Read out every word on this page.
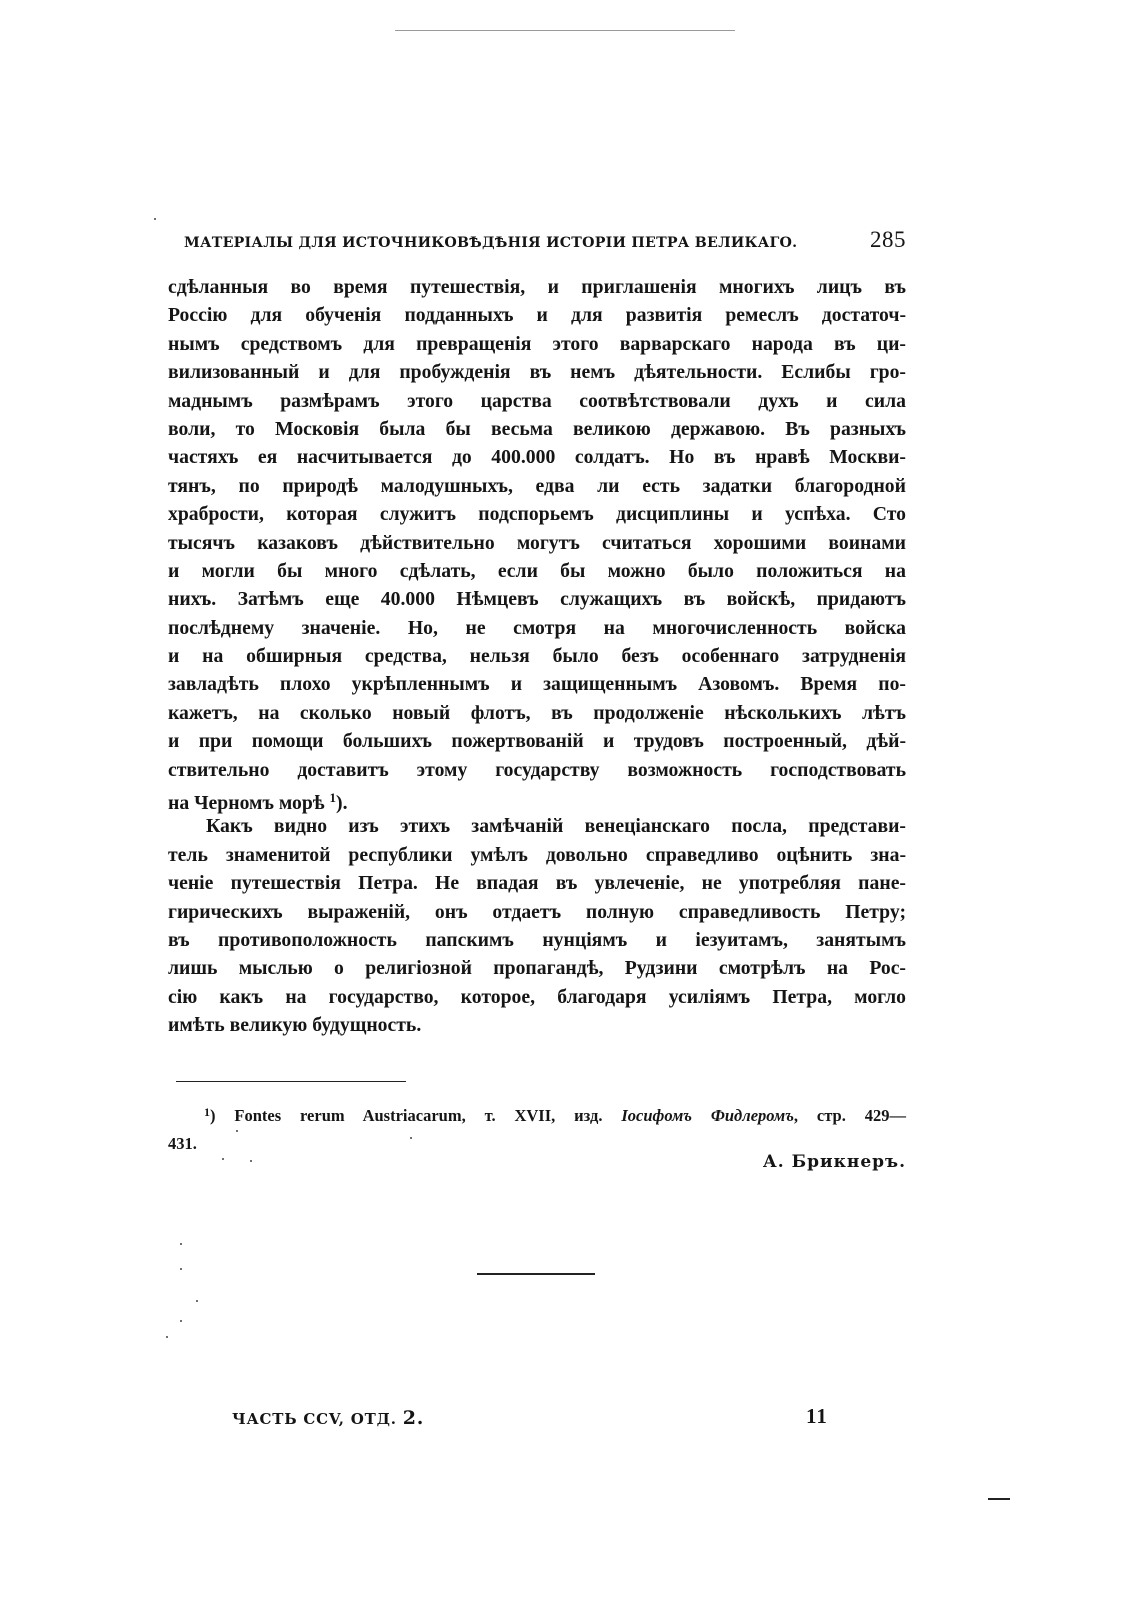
МАТЕРІАЛЫ ДЛЯ ИСТОЧНИКОВѢДѢНІЯ ИСТОРІИ ПЕТРА ВЕЛИКАГО.	285
сдѣланныя во время путешествія, и приглашенія многихъ лицъ въ
Россію для обученія подданныхъ и для развитія ремеслъ достаточ-
нымъ средствомъ для превращенія этого варварскаго народа въ ци-
вилизованный и для пробужденія въ немъ дѣятельности. Еслибы гро-
маднымъ размѣрамъ этого царства соотвѣтствовали духъ и сила
воли, то Московія была бы весьма великою державою. Въ разныхъ
частяхъ ея насчитывается до 400.000 солдатъ. Но въ нравѣ Москви-
тянъ, по природѣ малодушныхъ, едва ли есть задатки благородной
храбрости, которая служитъ подспорьемъ дисциплины и успѣха. Сто
тысячъ казаковъ дѣйствительно могутъ считаться хорошими воинами
и могли бы много сдѣлать, если бы можно было положиться на
нихъ. Затѣмъ еще 40.000 Нѣмцевъ служащихъ въ войскѣ, придаютъ
послѣднему значеніе. Но, не смотря на многочисленность войска
и на обширныя средства, нельзя было безъ особеннаго затрудненія
завладѣть плохо укрѣпленнымъ и защищеннымъ Азовомъ. Время по-
кажетъ, на сколько новый флотъ, въ продолженіе нѣсколькихъ лѣтъ
и при помощи большихъ пожертвованій и трудовъ построенный, дѣй-
ствительно доставитъ этому государству возможность господствовать
на Черномъ морѣ $^1$).
Какъ видно изъ этихъ замѣчаній венеціанскаго посла, представи-
тель знаменитой республики умѣлъ довольно справедливо оцѣнить зна-
ченіе путешествія Петра. Не впадая въ увлеченіе, не употребляя пане-
гирическихъ выраженій, онъ отдаетъ полную справедливость Петру;
въ противоположность папскимъ нунціямъ и іезуитамъ, занятымъ
лишь мыслью о религіозной пропагандѣ, Рудзини смотрѣлъ на Рос-
сію какъ на государство, которое, благодаря усиліямъ Петра, могло
имѣть великую будущность.
$^1$) Fontes rerum Austriacarum, т. XVII, изд. Іосифомъ Фидлеромъ, стр. 429—
431.
А. Брикнеръ.
ЧАСТЬ CCV, ОТД. 2.	11
